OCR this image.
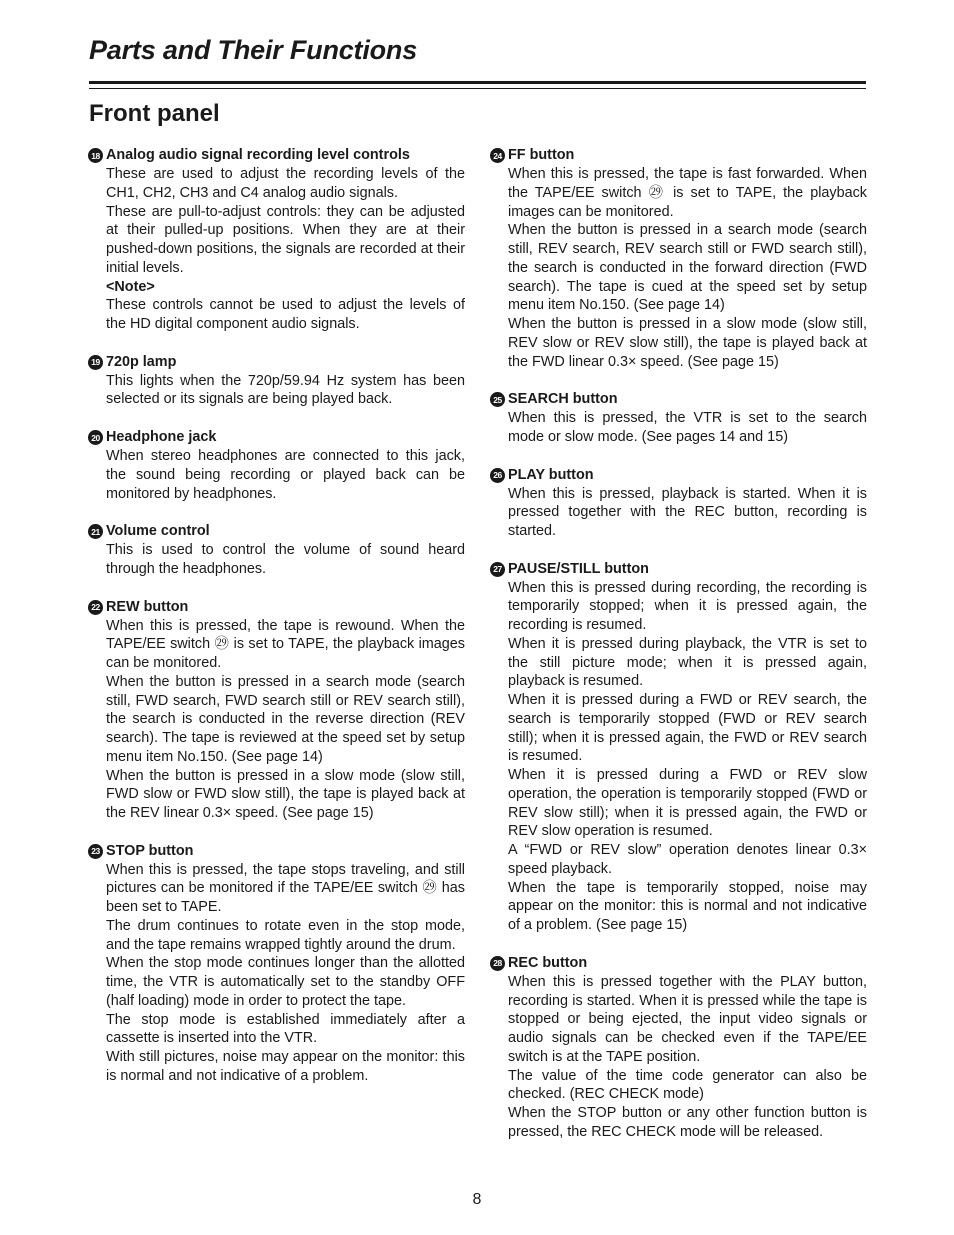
Parts and Their Functions
Front panel
18 Analog audio signal recording level controls

These are used to adjust the recording levels of the CH1, CH2, CH3 and C4 analog audio signals.

These are pull-to-adjust controls: they can be adjusted at their pulled-up positions. When they are at their pushed-down positions, the signals are recorded at their initial levels.

<Note>

These controls cannot be used to adjust the levels of the HD digital component audio signals.

19 720p lamp

This lights when the 720p/59.94 Hz system has been selected or its signals are being played back.

20 Headphone jack

When stereo headphones are connected to this jack, the sound being recording or played back can be monitored by headphones.

21 Volume control

This is used to control the volume of sound heard through the headphones.

22 REW button

When this is pressed, the tape is rewound. When the TAPE/EE switch ㉙ is set to TAPE, the playback images can be monitored.

When the button is pressed in a search mode (search still, FWD search, FWD search still or REV search still), the search is conducted in the reverse direction (REV search). The tape is reviewed at the speed set by setup menu item No.150. (See page 14)

When the button is pressed in a slow mode (slow still, FWD slow or FWD slow still), the tape is played back at the REV linear 0.3× speed. (See page 15)

23 STOP button

When this is pressed, the tape stops traveling, and still pictures can be monitored if the TAPE/EE switch ㉙ has been set to TAPE.

The drum continues to rotate even in the stop mode, and the tape remains wrapped tightly around the drum.

When the stop mode continues longer than the allotted time, the VTR is automatically set to the standby OFF (half loading) mode in order to protect the tape.

The stop mode is established immediately after a cassette is inserted into the VTR.

With still pictures, noise may appear on the monitor: this is normal and not indicative of a problem.

24 FF button

When this is pressed, the tape is fast forwarded. When the TAPE/EE switch ㉙ is set to TAPE, the playback images can be monitored.

When the button is pressed in a search mode (search still, REV search, REV search still or FWD search still), the search is conducted in the forward direction (FWD search). The tape is cued at the speed set by setup menu item No.150. (See page 14)

When the button is pressed in a slow mode (slow still, REV slow or REV slow still), the tape is played back at the FWD linear 0.3× speed. (See page 15)

25 SEARCH button

When this is pressed, the VTR is set to the search mode or slow mode. (See pages 14 and 15)

26 PLAY button

When this is pressed, playback is started. When it is pressed together with the REC button, recording is started.

27 PAUSE/STILL button

When this is pressed during recording, the recording is temporarily stopped; when it is pressed again, the recording is resumed.

When it is pressed during playback, the VTR is set to the still picture mode; when it is pressed again, playback is resumed.

When it is pressed during a FWD or REV search, the search is temporarily stopped (FWD or REV search still); when it is pressed again, the FWD or REV search is resumed.

When it is pressed during a FWD or REV slow operation, the operation is temporarily stopped (FWD or REV slow still); when it is pressed again, the FWD or REV slow operation is resumed.

A “FWD or REV slow” operation denotes linear 0.3× speed playback.

When the tape is temporarily stopped, noise may appear on the monitor: this is normal and not indicative of a problem. (See page 15)

28 REC button

When this is pressed together with the PLAY button, recording is started. When it is pressed while the tape is stopped or being ejected, the input video signals or audio signals can be checked even if the TAPE/EE switch is at the TAPE position.

The value of the time code generator can also be checked. (REC CHECK mode)

When the STOP button or any other function button is pressed, the REC CHECK mode will be released.

8
